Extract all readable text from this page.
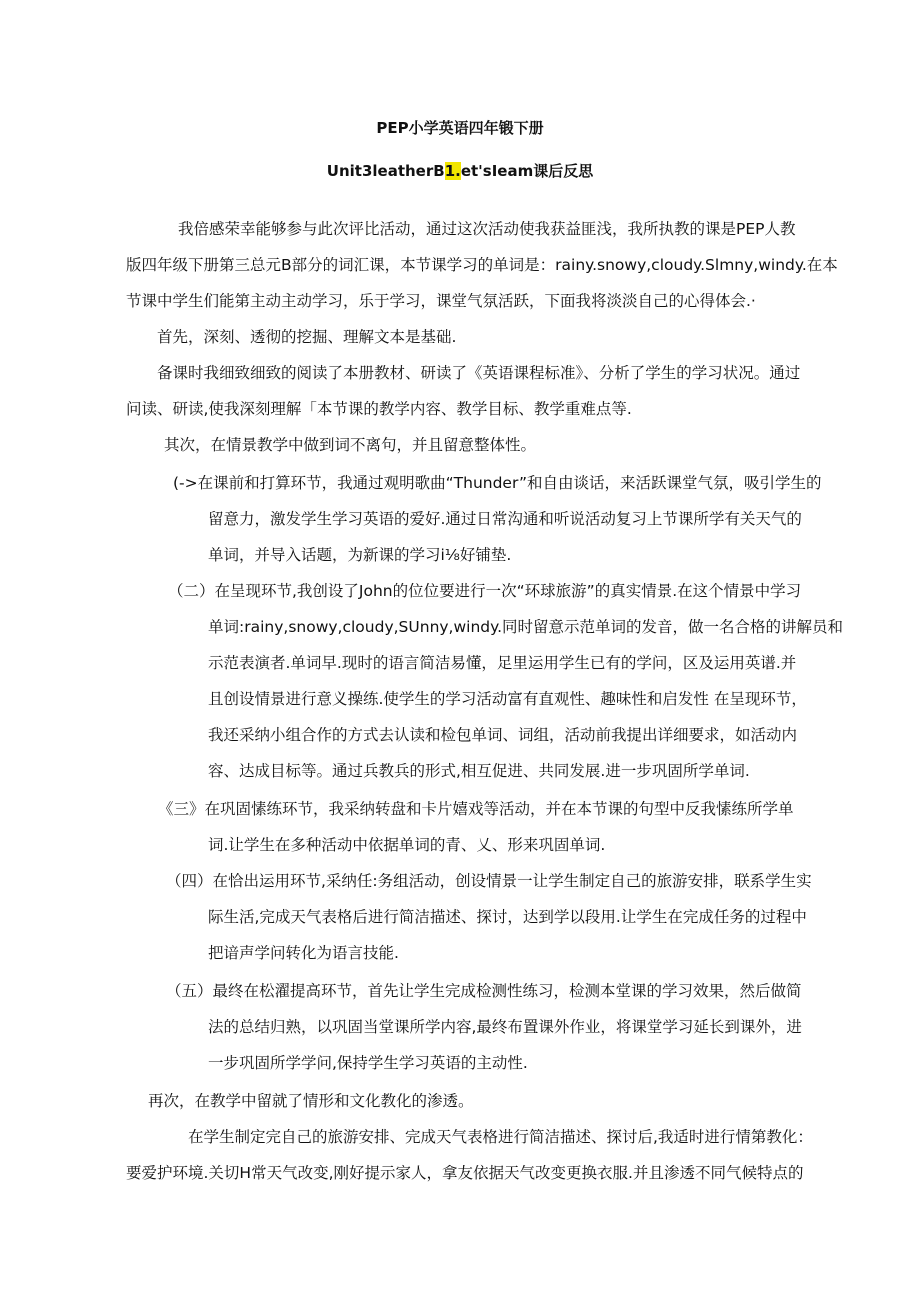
PEP小学英语四年锻下册
Unit3leatherB1.et'sIeam课后反思
我倍感荣幸能够参与此次评比活动，通过这次活动使我获益匪浅，我所执教的课是PEP人教
版四年级下册第三总元B部分的词汇课，本节课学习的单词是：rainy.snowy,cloudy.Slmny,windy.在本
节课中学生们能第主动主动学习，乐于学习，课堂气氛活跃，下面我将淡淡自己的心得体会.·
首先，深刻、透彻的挖掘、理解文本是基础.
备课时我细致细致的阅读了本册教材、研读了《英语课程标准》、分析了学生的学习状况。通过
问读、研读,使我深刻理解「本节课的教学内容、教学目标、教学重难点等.
其次，在情景教学中做到词不离句，并且留意整体性。
(->在课前和打算环节，我通过观明歌曲“Thunder”和自由谈话，来活跃课堂气氛，吸引学生的
留意力，激发学生学习英语的爱好.通过日常沟通和听说活动复习上节课所学有关天气的
单词，并导入话题，为新课的学习i⅛好铺垫.
（二）在呈现环节,我创设了John的位位要进行一次“环球旅游”的真实情景.在这个情景中学习
单词:rainy,snowy,cloudy,SUnny,windy.同时留意示范单词的发音，做一名合格的讲解员和
示范表演者.单词早.现时的语言简洁易懂，足里运用学生已有的学问，区及运用英谱.并
且创设情景进行意义操练.使学生的学习活动富有直观性、趣味性和启发性 在呈现环节，
我还采纳小组合作的方式去认读和检包单词、词组，活动前我提出详细要求，如活动内
容、达成目标等。通过兵教兵的形式,相互促进、共同发展.进一步巩固所学单词.
《三》在巩固愫练环节，我采纳转盘和卡片嬉戏等活动，并在本节课的句型中反我愫练所学单
词.让学生在多种活动中依据单词的青、乂、形来巩固单词.
（四）在恰出运用环节,采纳任:务组活动，创设情景一让学生制定自己的旅游安排，联系学生实
际生活,完成天气表格后进行简洁描述、探讨，达到学以段用.让学生在完成任务的过程中
把谙声学问转化为语言技能.
（五）最终在松濯提高环节，首先让学生完成检测性练习，检测本堂课的学习效果，然后做简
法的总结归熟，以巩固当堂课所学内容,最终布置课外作业，将课堂学习延长到课外，进
一步巩固所学学问,保持学生学习英语的主动性.
再次，在教学中留就了情形和文化教化的渗透。
在学生制定完自己的旅游安排、完成天气表格进行简洁描述、探讨后,我适时进行情第教化：
要爱护环境.关切H常天气改变,刚好提示家人，拿友依据天气改变更换衣服.并且渗透不同气候特点的
